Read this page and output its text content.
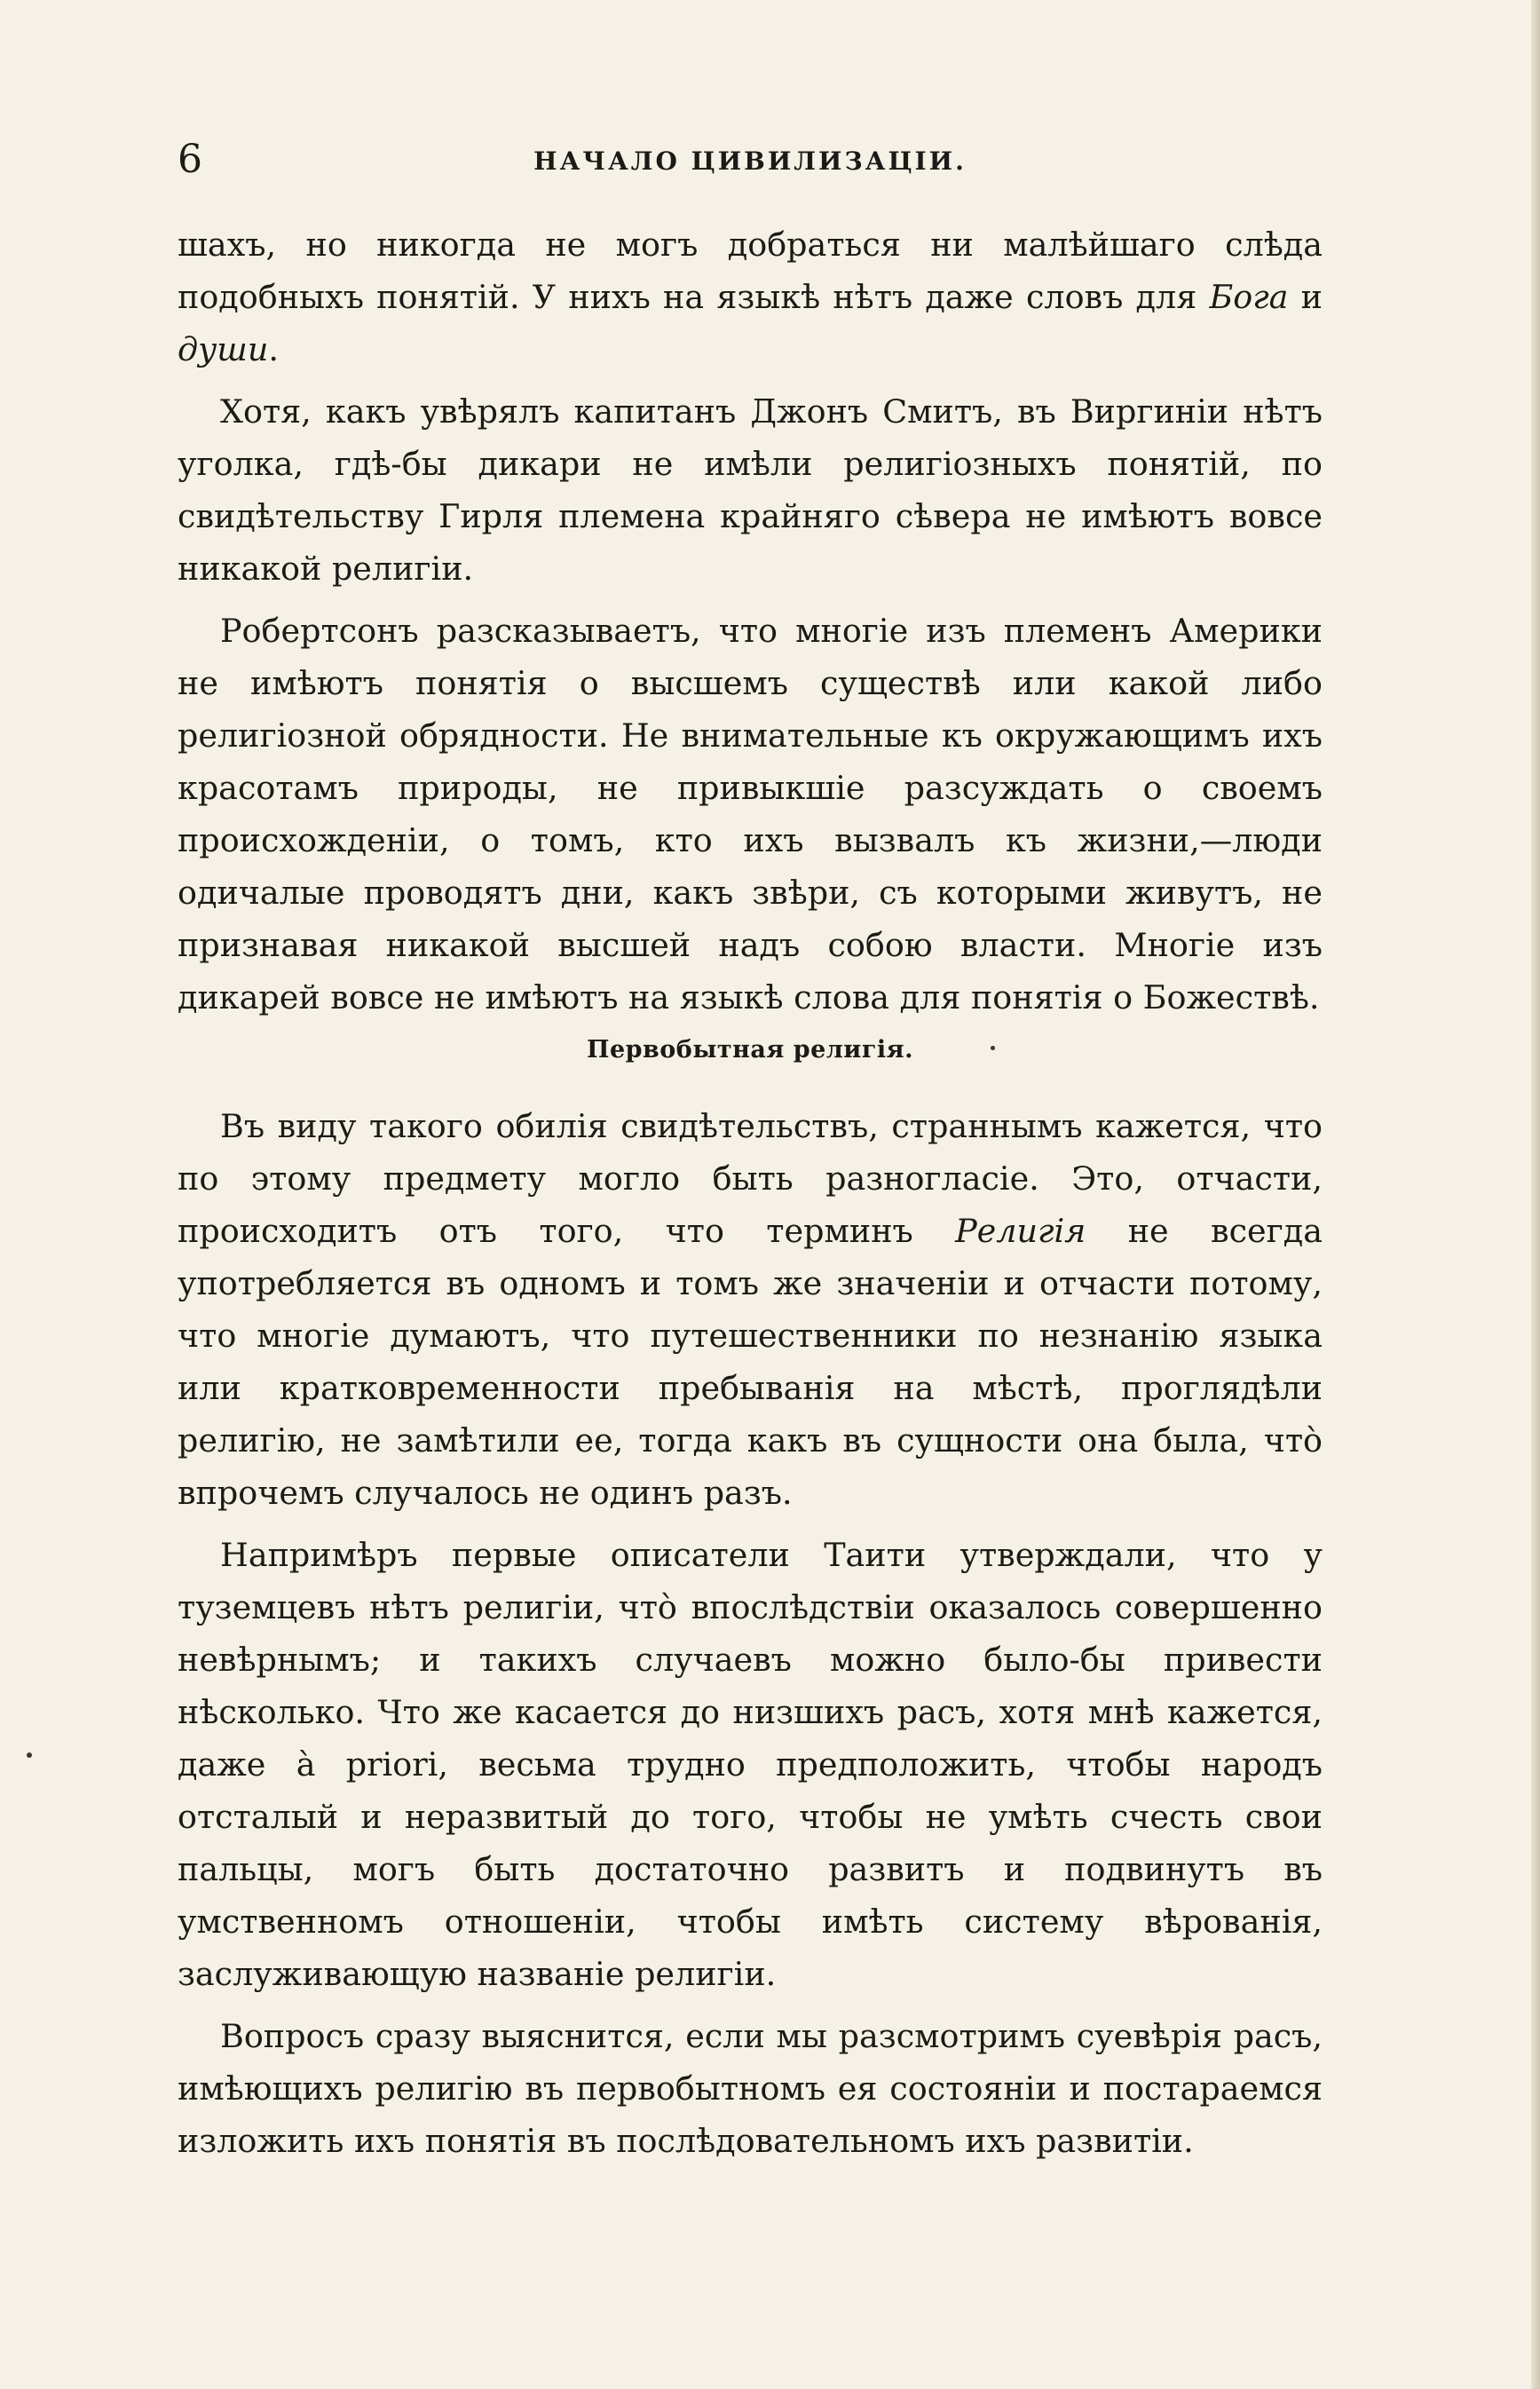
6	НАЧАЛО ЦИВИЛИЗАЦІИ.

шахъ, но никогда не могъ добраться ни малѣйшаго слѣда подобныхъ понятій. У нихъ на языкѣ нѣтъ даже словъ для Бога и души.

Хотя, какъ увѣрялъ капитанъ Джонъ Смитъ, въ Виргиніи нѣтъ уголка, гдѣ-бы дикари не имѣли религіозныхъ понятій, по свидѣтельству Гирля племена крайняго сѣвера не имѣютъ вовсе никакой религіи.

Робертсонъ разсказываетъ, что многіе изъ племенъ Америки не имѣютъ понятія о высшемъ существѣ или какой либо религіозной обрядности. Не внимательные къ окружающимъ ихъ красотамъ природы, не привыкшіе разсуждать о своемъ происхожденіи, о томъ, кто ихъ вызвалъ къ жизни,—люди одичалые проводятъ дни, какъ звѣри, съ которыми живутъ, не признавая никакой высшей надъ собою власти. Многіе изъ дикарей вовсе не имѣютъ на языкѣ слова для понятія о Божествѣ.

Первобытная религія.

Въ виду такого обилія свидѣтельствъ, страннымъ кажется, что по этому предмету могло быть разногласіе. Это, отчасти, происходитъ отъ того, что терминъ Религія не всегда употребляется въ одномъ и томъ же значеніи и отчасти потому, что многіе думаютъ, что путешественники по незнанію языка или кратковременности пребыванія на мѣстѣ, проглядѣли религію, не замѣтили ее, тогда какъ въ сущности она была, что̀ впрочемъ случалось не одинъ разъ.

Напримѣръ первые описатели Таити утверждали, что у туземцевъ нѣтъ религіи, что̀ впослѣдствіи оказалось совершенно невѣрнымъ; и такихъ случаевъ можно было-бы привести нѣсколько. Что же касается до низшихъ расъ, хотя мнѣ кажется, даже à priori, весьма трудно предположить, чтобы народъ отсталый и неразвитый до того, чтобы не умѣть счесть свои пальцы, могъ быть достаточно развитъ и подвинутъ въ умственномъ отношеніи, чтобы имѣть систему вѣрованія, заслуживающую названіе религіи.

Вопросъ сразу выяснится, если мы разсмотримъ суевѣрія расъ, имѣющихъ религію въ первобытномъ ея состояніи и постараемся изложить ихъ понятія въ послѣдовательномъ ихъ развитіи.
